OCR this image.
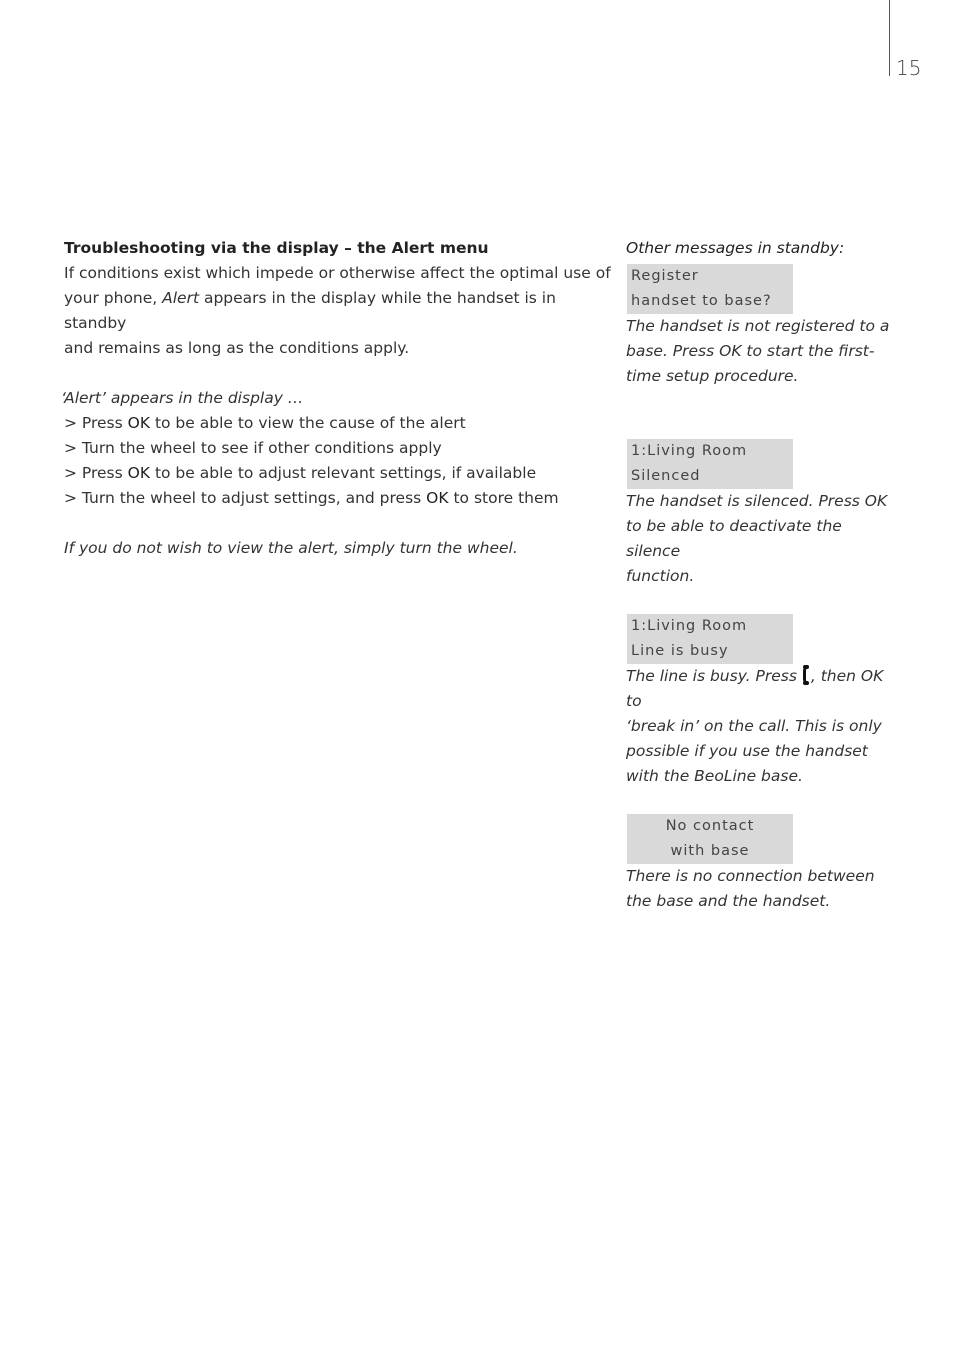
15

Troubleshooting via the display – the Alert menu

If conditions exist which impede or otherwise affect the optimal use of

your phone, Alert appears in the display while the handset is in standby

and remains as long as the conditions apply.

‘Alert’ appears in the display …

> Press OK to be able to view the cause of the alert

> Turn the wheel to see if other conditions apply

> Press OK to be able to adjust relevant settings, if available

> Turn the wheel to adjust settings, and press OK to store them

If you do not wish to view the alert, simply turn the wheel.

Other messages in standby:

Register
handset to base?

The handset is not registered to a

base. Press OK to start the first-

time setup procedure.

1:Living Room
Silenced

The handset is silenced. Press OK

to be able to deactivate the silence

function.

1:Living Room
Line is busy

The line is busy. Press , then OK to

‘break in’ on the call. This is only

possible if you use the handset

with the BeoLine base.

No contact
with base

There is no connection between

the base and the handset.
